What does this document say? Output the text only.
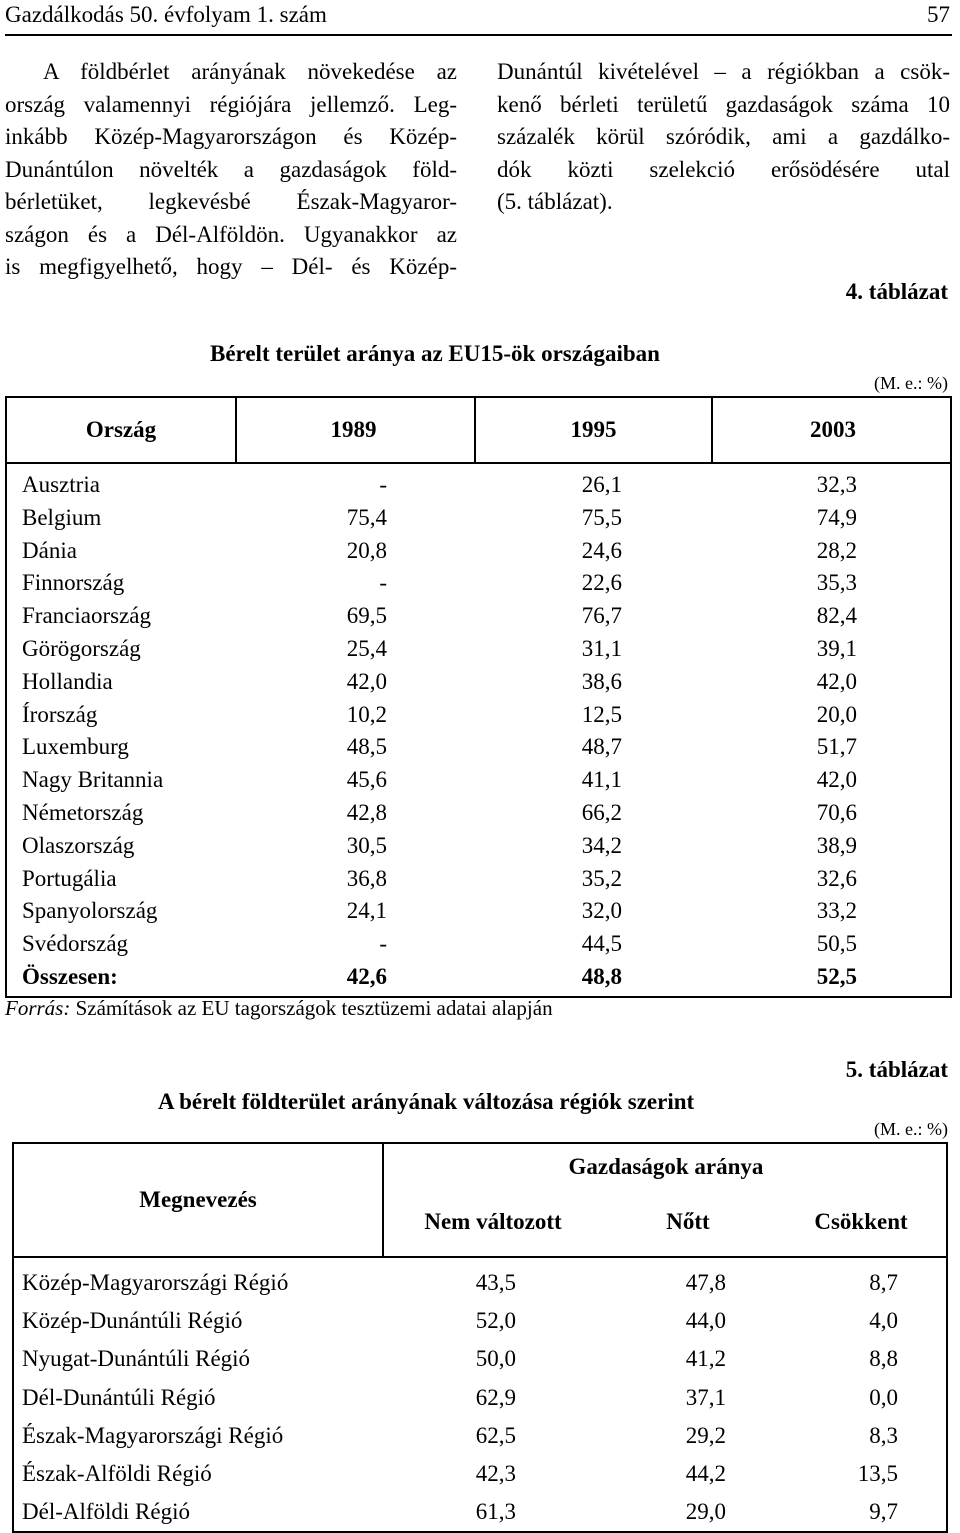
Gazdálkodás 50. évfolyam 1. szám	57
A földbérlet arányának növekedése az
ország valamennyi régiójára jellemző. Leg-
inkább Közép-Magyarországon és Közép-
Dunántúlon növelték a gazdaságok föld-
bérletüket, legkevésbé Észak-Magyaror-
szágon és a Dél-Alföldön. Ugyanakkor az
is megfigyelhető, hogy – Dél- és Közép-
Dunántúl kivételével – a régiókban a csök-
kenő bérleti területű gazdaságok száma 10
százalék körül szóródik, ami a gazdálko-
dók közti szelekció erősödésére utal
(5. táblázat).
4. táblázat
Bérelt terület aránya az EU15-ök országaiban
(M. e.: %)
Ország	1989	1995	2003
Ausztria	-	26,1	32,3
Belgium	75,4	75,5	74,9
Dánia	20,8	24,6	28,2
Finnország	-	22,6	35,3
Franciaország	69,5	76,7	82,4
Görögország	25,4	31,1	39,1
Hollandia	42,0	38,6	42,0
Írország	10,2	12,5	20,0
Luxemburg	48,5	48,7	51,7
Nagy Britannia	45,6	41,1	42,0
Németország	42,8	66,2	70,6
Olaszország	30,5	34,2	38,9
Portugália	36,8	35,2	32,6
Spanyolország	24,1	32,0	33,2
Svédország	-	44,5	50,5
Összesen:	42,6	48,8	52,5
Forrás: Számítások az EU tagországok tesztüzemi adatai alapján
5. táblázat
A bérelt földterület arányának változása régiók szerint
(M. e.: %)
Megnevezés
Gazdaságok aránya
Nem változott	Nőtt	Csökkent
Közép-Magyarországi Régió	43,5	47,8	8,7
Közép-Dunántúli Régió	52,0	44,0	4,0
Nyugat-Dunántúli Régió	50,0	41,2	8,8
Dél-Dunántúli Régió	62,9	37,1	0,0
Észak-Magyarországi Régió	62,5	29,2	8,3
Észak-Alföldi Régió	42,3	44,2	13,5
Dél-Alföldi Régió	61,3	29,0	9,7
